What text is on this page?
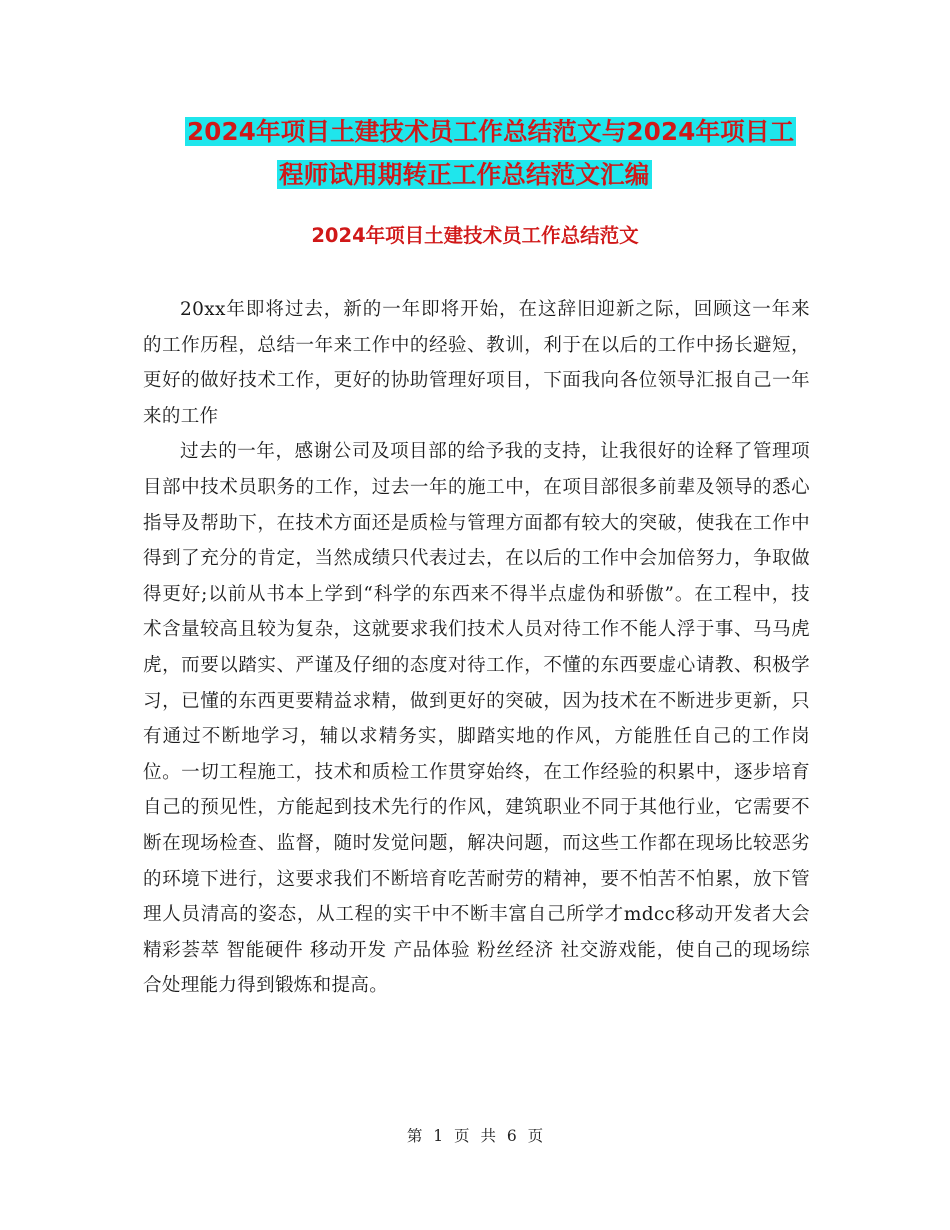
2024年项目土建技术员工作总结范文与2024年项目工
程师试用期转正工作总结范文汇编
2024年项目土建技术员工作总结范文

20xx年即将过去，新的一年即将开始，在这辞旧迎新之际，回顾这一年来的工作历程，总结一年来工作中的经验、教训，利于在以后的工作中扬长避短，更好的做好技术工作，更好的协助管理好项目，下面我向各位领导汇报自己一年来的工作

过去的一年，感谢公司及项目部的给予我的支持，让我很好的诠释了管理项目部中技术员职务的工作，过去一年的施工中，在项目部很多前辈及领导的悉心指导及帮助下，在技术方面还是质检与管理方面都有较大的突破，使我在工作中得到了充分的肯定，当然成绩只代表过去，在以后的工作中会加倍努力，争取做得更好;以前从书本上学到“科学的东西来不得半点虚伪和骄傲”。在工程中，技术含量较高且较为复杂，这就要求我们技术人员对待工作不能人浮于事、马马虎虎，而要以踏实、严谨及仔细的态度对待工作，不懂的东西要虚心请教、积极学习，已懂的东西更要精益求精，做到更好的突破，因为技术在不断进步更新，只有通过不断地学习，辅以求精务实，脚踏实地的作风，方能胜任自己的工作岗位。一切工程施工，技术和质检工作贯穿始终，在工作经验的积累中，逐步培育自己的预见性，方能起到技术先行的作风，建筑职业不同于其他行业，它需要不断在现场检查、监督，随时发觉问题，解决问题，而这些工作都在现场比较恶劣的环境下进行，这要求我们不断培育吃苦耐劳的精神，要不怕苦不怕累，放下管理人员清高的姿态，从工程的实干中不断丰富自己所学才mdcc移动开发者大会精彩荟萃 智能硬件 移动开发 产品体验 粉丝经济 社交游戏能，使自己的现场综合处理能力得到锻炼和提高。

第 1 页 共 6 页
